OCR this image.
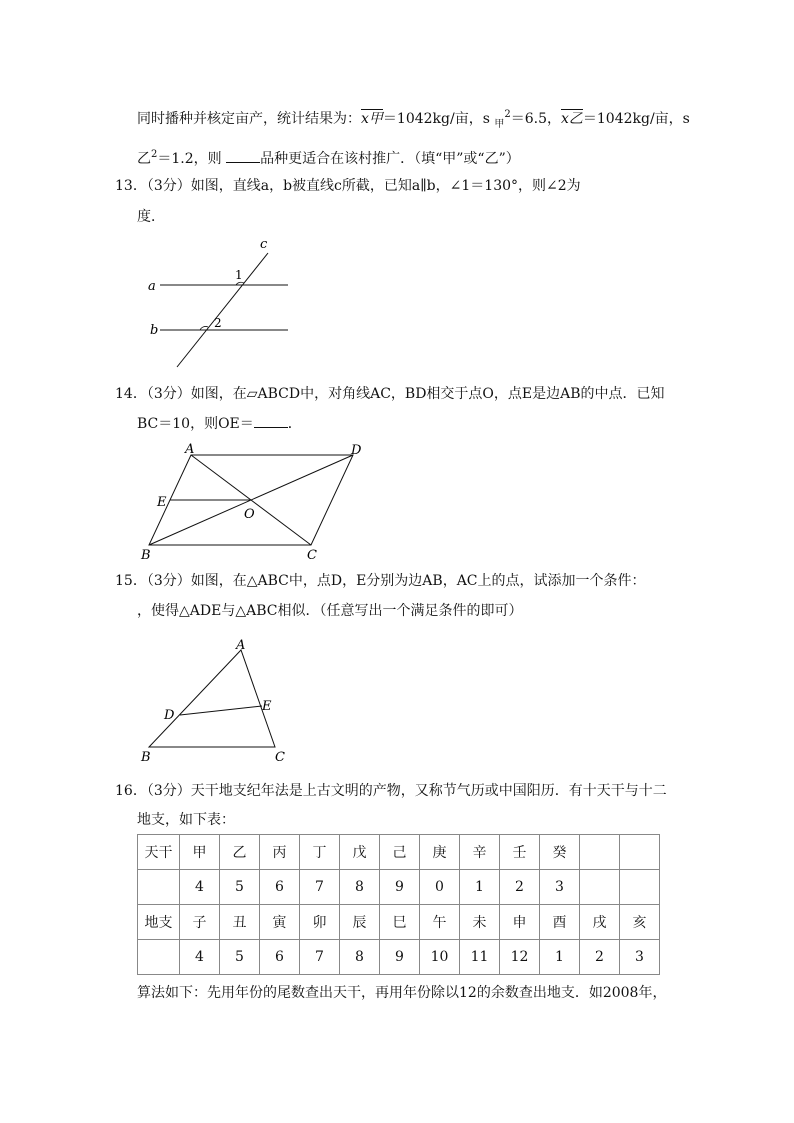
同时播种并核定亩产，统计结果为：x甲＝1042kg/亩，s $_甲^2$＝6.5，x乙＝1042kg/亩，s
乙$^2$＝1.2，则	品种更适合在该村推广．（填“甲”或“乙”）
13．（3分）如图，直线a，b被直线c所截，已知a∥b，∠1＝130°，则∠2为
度．
a
b
c
1
2
14．（3分）如图，在▱ABCD中，对角线AC，BD相交于点O，点E是边AB的中点．已知
BC＝10，则OE＝ ．
A	D
E
O
B	C
15．（3分）如图，在△ABC中，点D，E分别为边AB，AC上的点，试添加一个条件：
，使得△ADE与△ABC相似．（任意写出一个满足条件的即可）
A
D
E
B	C
16．（3分）天干地支纪年法是上古文明的产物，又称节气历或中国阳历．有十天干与十二
地支，如下表：
天干	甲	乙	丙	丁	戊	己	庚	辛	壬	癸		
	4	5	6	7	8	9	0	1	2	3		
地支	子	丑	寅	卯	辰	巳	午	未	申	酉	戌	亥
	4	5	6	7	8	9	10	11	12	1	2	3
算法如下：先用年份的尾数查出天干，再用年份除以12的余数查出地支．如2008年，
